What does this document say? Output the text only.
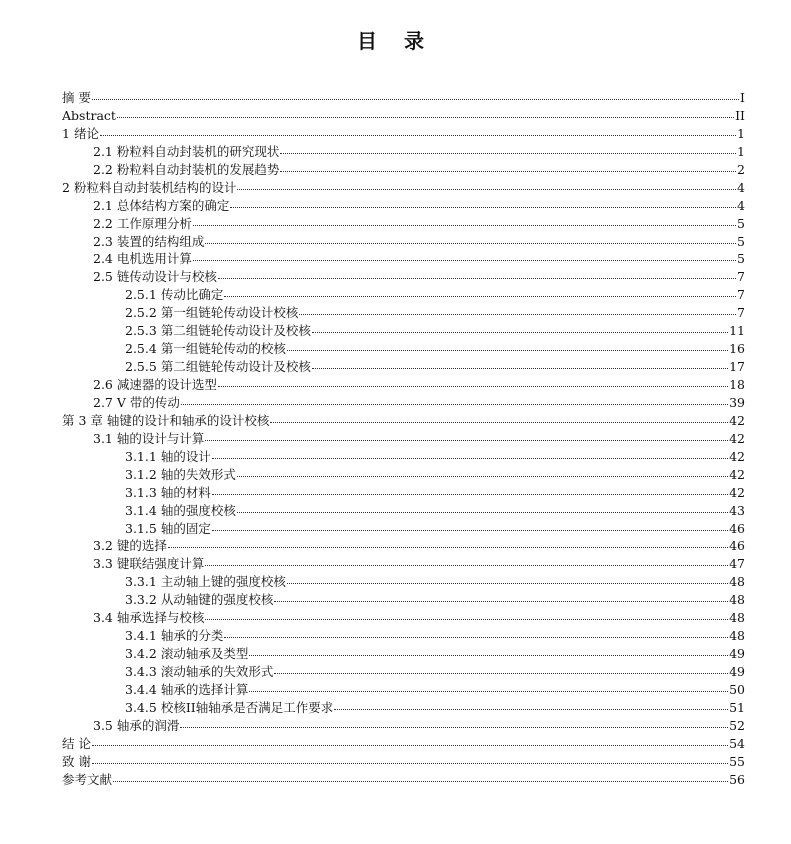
目 录
摘 要	I
Abstract	II
1 绪论	1
2.1 粉粒料自动封装机的研究现状	1
2.2 粉粒料自动封装机的发展趋势	2
2 粉粒料自动封装机结构的设计	4
2.1 总体结构方案的确定	4
2.2 工作原理分析	5
2.3 装置的结构组成	5
2.4 电机选用计算	5
2.5 链传动设计与校核	7
2.5.1 传动比确定	7
2.5.2 第一组链轮传动设计校核	7
2.5.3 第二组链轮传动设计及校核	11
2.5.4 第一组链轮传动的校核	16
2.5.5 第二组链轮传动设计及校核	17
2.6 减速器的设计选型	18
2.7 V 带的传动	39
第 3 章 轴键的设计和轴承的设计校核	42
3.1 轴的设计与计算	42
3.1.1 轴的设计	42
3.1.2 轴的失效形式	42
3.1.3 轴的材料	42
3.1.4 轴的强度校核	43
3.1.5 轴的固定	46
3.2 键的选择	46
3.3 键联结强度计算	47
3.3.1 主动轴上键的强度校核	48
3.3.2 从动轴键的强度校核	48
3.4 轴承选择与校核	48
3.4.1 轴承的分类	48
3.4.2 滚动轴承及类型	49
3.4.3 滚动轴承的失效形式	49
3.4.4 轴承的选择计算	50
3.4.5 校核II轴轴承是否满足工作要求	51
3.5 轴承的润滑	52
结 论	54
致 谢	55
参考文献	56
